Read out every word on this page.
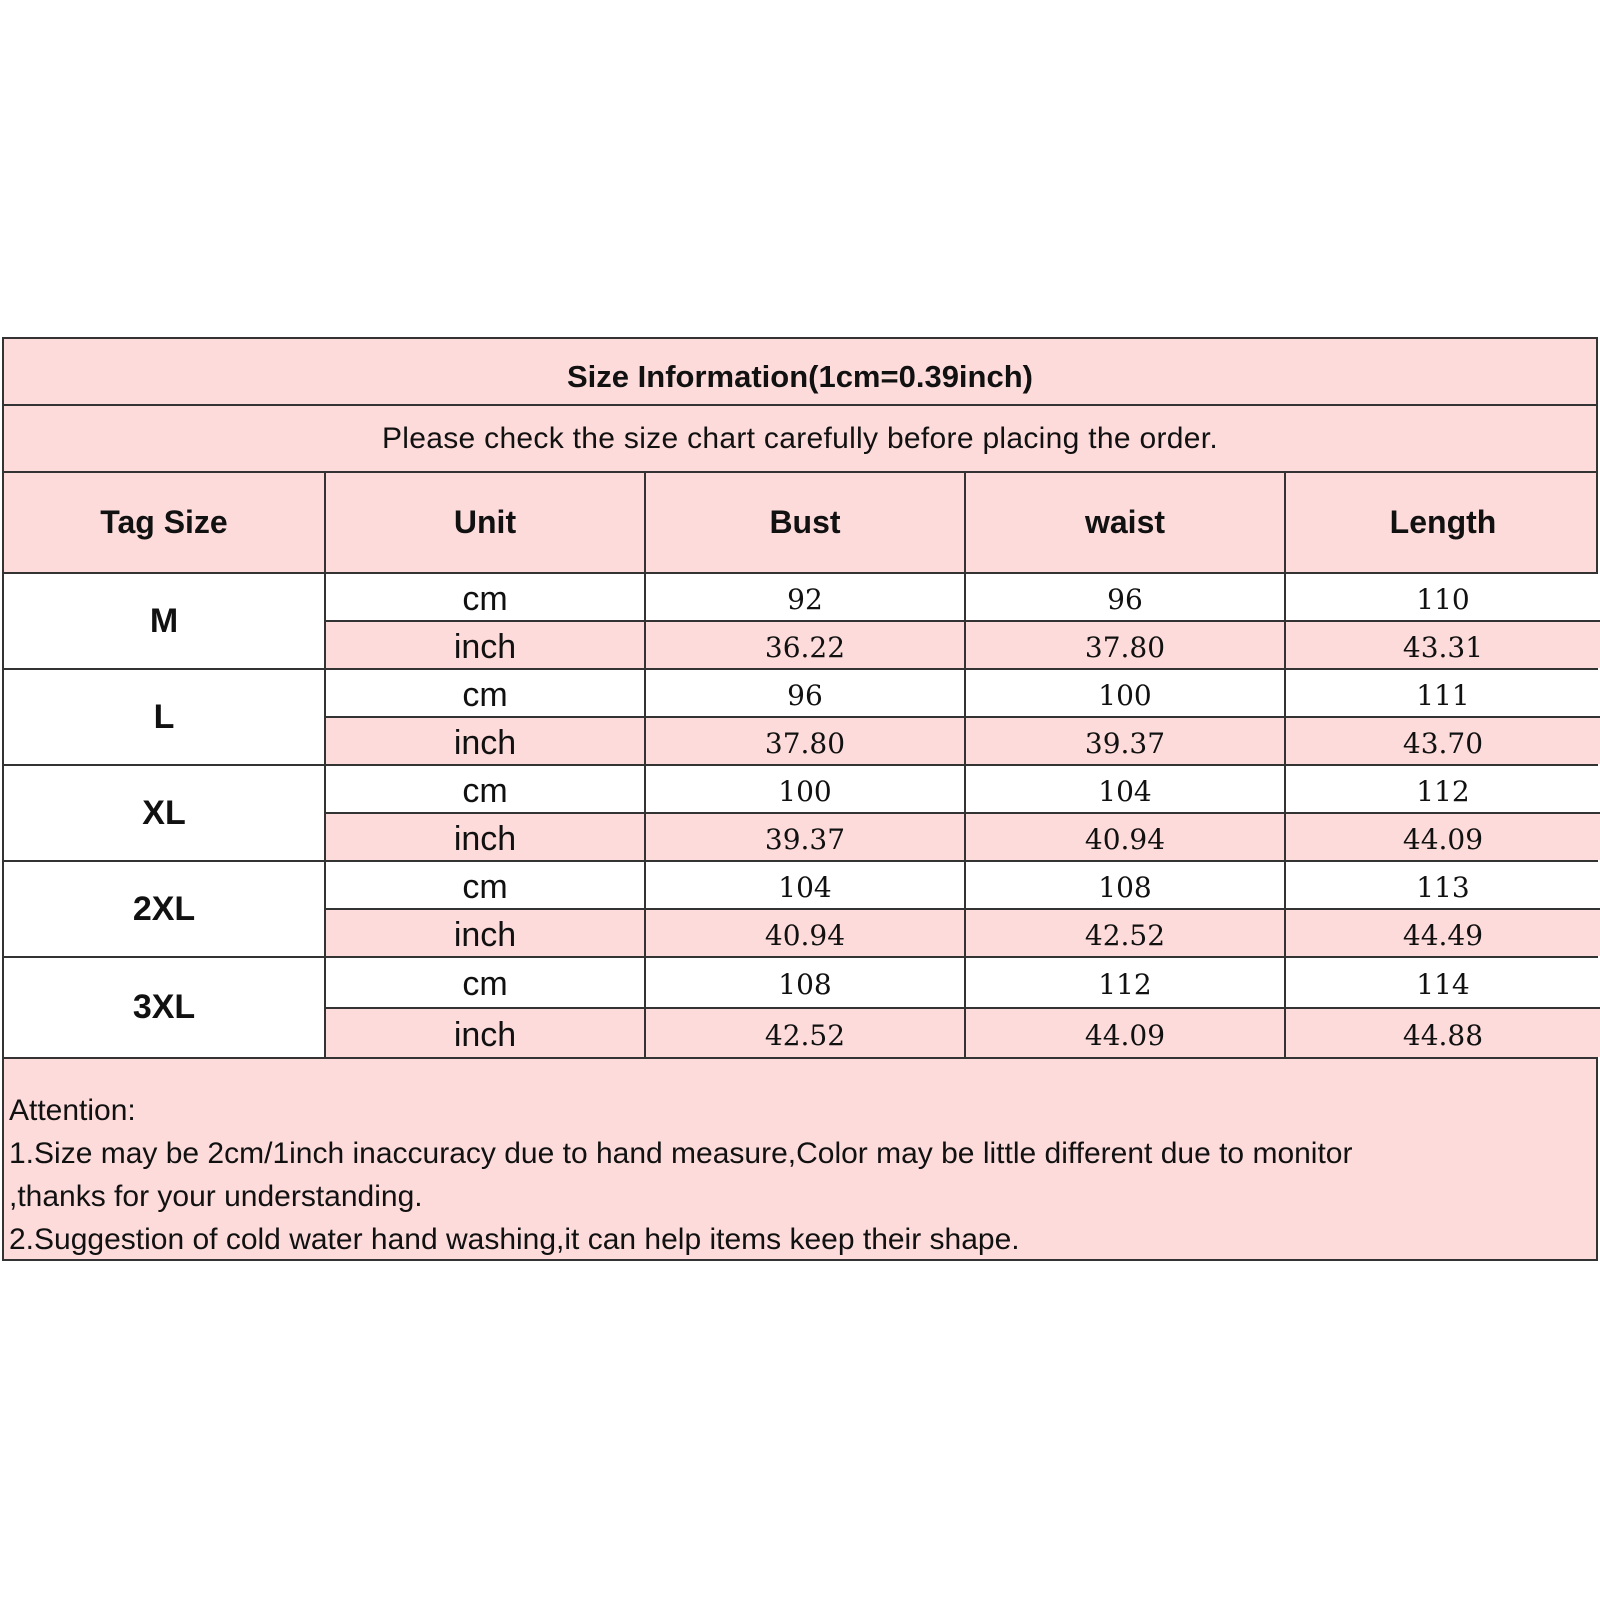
Size Information(1cm=0.39inch)
Please check the size chart carefully before placing the order.
Tag Size	Unit	Bust	waist	Length
M
cm	92	96	110
inch	36.22	37.80	43.31
L
cm	96	100	111
inch	37.80	39.37	43.70
XL
cm	100	104	112
inch	39.37	40.94	44.09
2XL
cm	104	108	113
inch	40.94	42.52	44.49
3XL
cm	108	112	114
inch	42.52	44.09	44.88
Attention:
1.Size may be 2cm/1inch inaccuracy due to hand measure,Color may be little different due to monitor
,thanks for your understanding.
2.Suggestion of cold water hand washing,it can help items keep their shape.
